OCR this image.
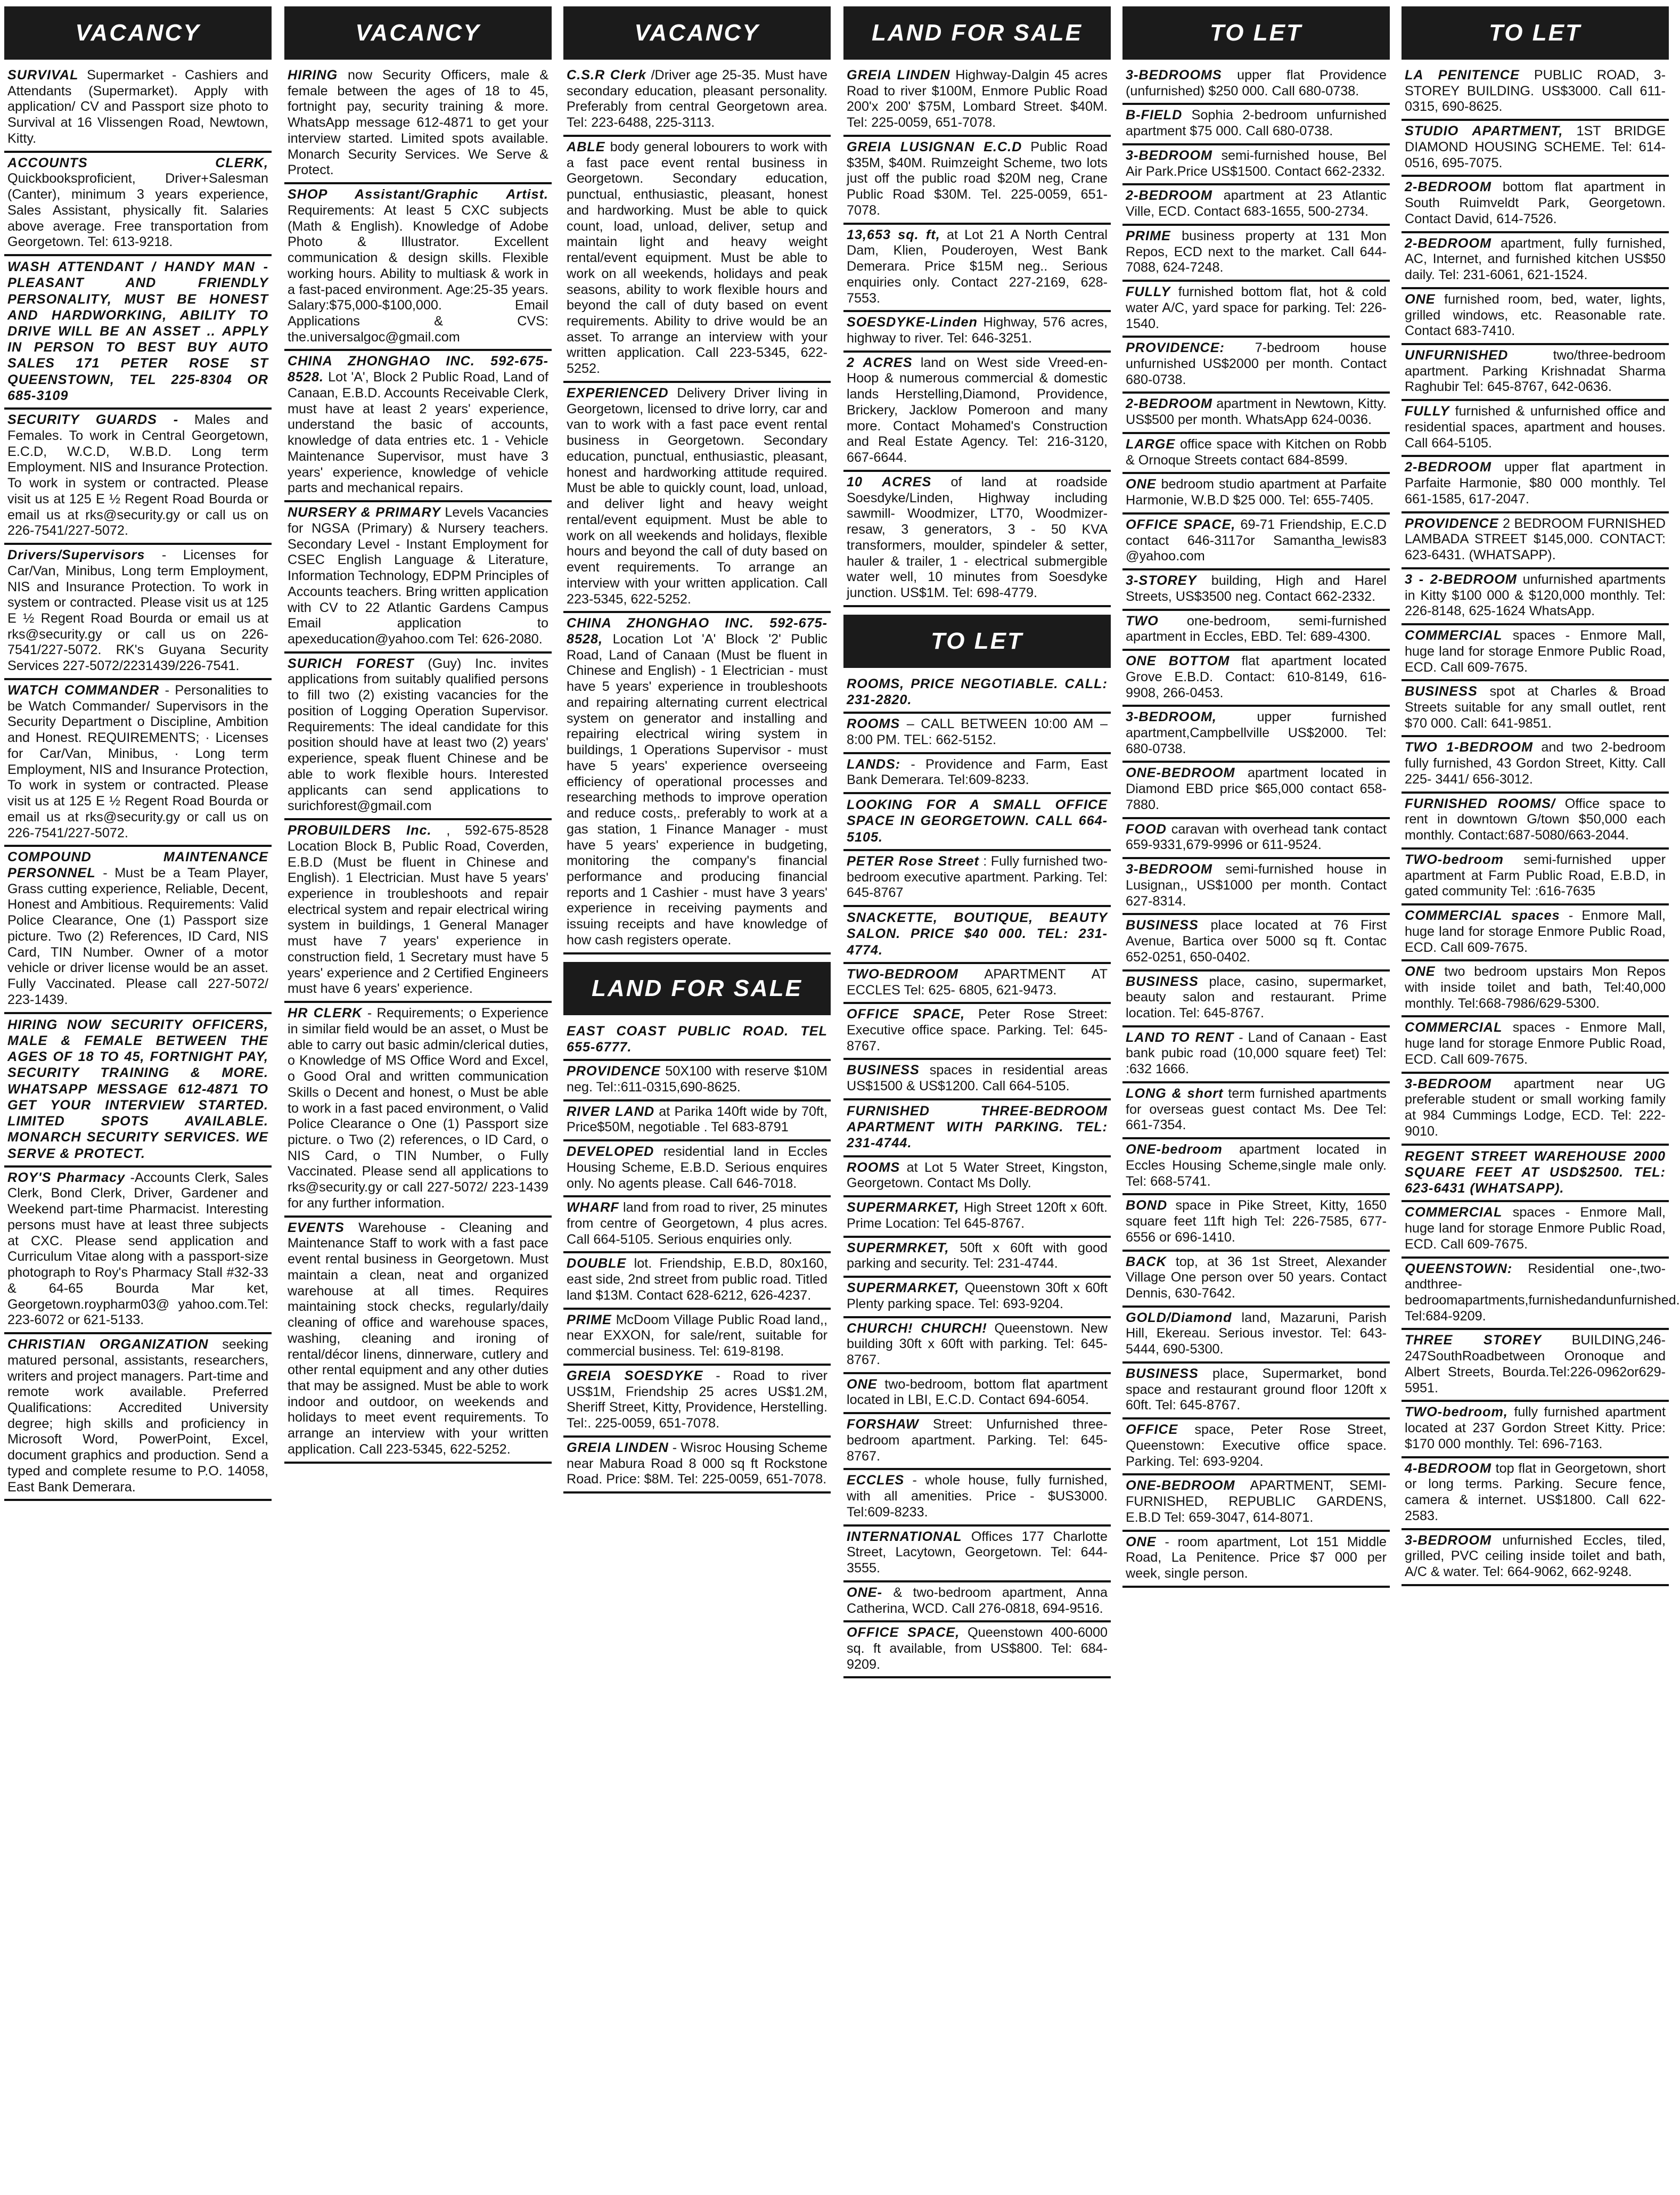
VACANCY
SURVIVAL Supermarket - Cashiers and Attendants (Supermarket). Apply with application/ CV and Passport size photo to Survival at 16 Vlissengen Road, Newtown, Kitty.
ACCOUNTS CLERK, Quickbooksproficient, Driver+Salesman (Canter), minimum 3 years experience, Sales Assistant, physically fit. Salaries above average. Free transportation from Georgetown. Tel: 613-9218.
WASH ATTENDANT / HANDY MAN - PLEASANT AND FRIENDLY PERSONALITY, MUST BE HONEST AND HARDWORKING, ABILITY TO DRIVE WILL BE AN ASSET .. APPLY IN PERSON TO BEST BUY AUTO SALES 171 PETER ROSE ST QUEENSTOWN, TEL 225-8304 OR 685-3109
SECURITY GUARDS - Males and Females. To work in Central Georgetown, E.C.D, W.C.D, W.B.D. Long term Employment. NIS and Insurance Protection. To work in system or contracted. Please visit us at 125 E ½ Regent Road Bourda or email us at rks@security.gy or call us on 226-7541/227-5072.
Drivers/Supervisors - Licenses for Car/Van, Minibus, Long term Employment, NIS and Insurance Protection. To work in system or contracted. Please visit us at 125 E ½ Regent Road Bourda or email us at rks@security.gy or call us on 226-7541/227-5072. RK's Guyana Security Services 227-5072/2231439/226-7541.
WATCH COMMANDER - Personalities to be Watch Commander/ Supervisors in the Security Department o Discipline, Ambition and Honest. REQUIREMENTS; · Licenses for Car/Van, Minibus, · Long term Employment, NIS and Insurance Protection, To work in system or contracted. Please visit us at 125 E ½ Regent Road Bourda or email us at rks@security.gy or call us on 226-7541/227-5072.
COMPOUND MAINTENANCE PERSONNEL - Must be a Team Player, Grass cutting experience, Reliable, Decent, Honest and Ambitious. Requirements: Valid Police Clearance, One (1) Passport size picture. Two (2) References, ID Card, NIS Card, TIN Number. Owner of a motor vehicle or driver license would be an asset. Fully Vaccinated. Please call 227-5072/ 223-1439.
HIRING NOW SECURITY OFFICERS, MALE & FEMALE BETWEEN THE AGES OF 18 TO 45, FORTNIGHT PAY, SECURITY TRAINING & MORE. WHATSAPP MESSAGE 612-4871 TO GET YOUR INTERVIEW STARTED. LIMITED SPOTS AVAILABLE. MONARCH SECURITY SERVICES. WE SERVE & PROTECT.
ROY'S Pharmacy -Accounts Clerk, Sales Clerk, Bond Clerk, Driver, Gardener and Weekend part-time Pharmacist. Interesting persons must have at least three subjects at CXC. Please send application and Curriculum Vitae along with a passport-size photograph to Roy's Pharmacy Stall #32-33 & 64-65 Bourda Mar ket, Georgetown.roypharm03@ yahoo.com.Tel: 223-6072 or 621-5133.
CHRISTIAN ORGANIZATION seeking matured personal, assistants, researchers, writers and project managers. Part-time and remote work available. Preferred Qualifications: Accredited University degree; high skills and proficiency in Microsoft Word, PowerPoint, Excel, document graphics and production. Send a typed and complete resume to P.O. 14058, East Bank Demerara.
VACANCY
HIRING now Security Officers, male & female between the ages of 18 to 45, fortnight pay, security training & more. WhatsApp message 612-4871 to get your interview started. Limited spots available. Monarch Security Services. We Serve & Protect.
SHOP Assistant/Graphic Artist. Requirements: At least 5 CXC subjects (Math & English). Knowledge of Adobe Photo & Illustrator. Excellent communication & design skills. Flexible working hours. Ability to multiask & work in a fast-paced environment. Age:25-35 years. Salary:$75,000-$100,000. Email Applications & CVS: the.universalgoc@gmail.com
CHINA ZHONGHAO INC. 592-675-8528. Lot 'A', Block 2 Public Road, Land of Canaan, E.B.D. Accounts Receivable Clerk, must have at least 2 years' experience, understand the basic of accounts, knowledge of data entries etc. 1 - Vehicle Maintenance Supervisor, must have 3 years' experience, knowledge of vehicle parts and mechanical repairs.
NURSERY & PRIMARY Levels Vacancies for NGSA (Primary) & Nursery teachers. Secondary Level - Instant Employment for CSEC English Language & Literature, Information Technology, EDPM Principles of Accounts teachers. Bring written application with CV to 22 Atlantic Gardens Campus Email application to apexeducation@yahoo.com Tel: 626-2080.
SURICH FOREST (Guy) Inc. invites applications from suitably qualified persons to fill two (2) existing vacancies for the position of Logging Operation Supervisor. Requirements: The ideal candidate for this position should have at least two (2) years' experience, speak fluent Chinese and be able to work flexible hours. Interested applicants can send applications to surichforest@gmail.com
PROBUILDERS Inc. , 592-675-8528 Location Block B, Public Road, Coverden, E.B.D (Must be fluent in Chinese and English). 1 Electrician. Must have 5 years' experience in troubleshoots and repair electrical system and repair electrical wiring system in buildings, 1 General Manager must have 7 years' experience in construction field, 1 Secretary must have 5 years' experience and 2 Certified Engineers must have 6 years' experience.
HR CLERK - Requirements; o Experience in similar field would be an asset, o Must be able to carry out basic admin/clerical duties, o Knowledge of MS Office Word and Excel, o Good Oral and written communication Skills o Decent and honest, o Must be able to work in a fast paced environment, o Valid Police Clearance o One (1) Passport size picture. o Two (2) references, o ID Card, o NIS Card, o TIN Number, o Fully Vaccinated. Please send all applications to rks@security.gy or call 227-5072/ 223-1439 for any further information.
EVENTS Warehouse - Cleaning and Maintenance Staff to work with a fast pace event rental business in Georgetown. Must maintain a clean, neat and organized warehouse at all times. Requires maintaining stock checks, regularly/daily cleaning of office and warehouse spaces, washing, cleaning and ironing of rental/décor linens, dinnerware, cutlery and other rental equipment and any other duties that may be assigned. Must be able to work indoor and outdoor, on weekends and holidays to meet event requirements. To arrange an interview with your written application. Call 223-5345, 622-5252.
VACANCY
C.S.R Clerk /Driver age 25-35. Must have secondary education, pleasant personality. Preferably from central Georgetown area. Tel: 223-6488, 225-3113.
ABLE body general lobourers to work with a fast pace event rental business in Georgetown. Secondary education, punctual, enthusiastic, pleasant, honest and hardworking. Must be able to quick count, load, unload, deliver, setup and maintain light and heavy weight rental/event equipment. Must be able to work on all weekends, holidays and peak seasons, ability to work flexible hours and beyond the call of duty based on event requirements. Ability to drive would be an asset. To arrange an interview with your written application. Call 223-5345, 622-5252.
EXPERIENCED Delivery Driver living in Georgetown, licensed to drive lorry, car and van to work with a fast pace event rental business in Georgetown. Secondary education, punctual, enthusiastic, pleasant, honest and hardworking attitude required. Must be able to quickly count, load, unload, and deliver light and heavy weight rental/event equipment. Must be able to work on all weekends and holidays, flexible hours and beyond the call of duty based on event requirements. To arrange an interview with your written application. Call 223-5345, 622-5252.
CHINA ZHONGHAO INC. 592-675-8528, Location Lot 'A' Block '2' Public Road, Land of Canaan (Must be fluent in Chinese and English) - 1 Electrician - must have 5 years' experience in troubleshoots and repairing alternating current electrical system on generator and installing and repairing electrical wiring system in buildings, 1 Operations Supervisor - must have 5 years' experience overseeing efficiency of operational processes and researching methods to improve operation and reduce costs,. preferably to work at a gas station, 1 Finance Manager - must have 5 years' experience in budgeting, monitoring the company's financial performance and producing financial reports and 1 Cashier - must have 3 years' experience in receiving payments and issuing receipts and have knowledge of how cash registers operate.
LAND FOR SALE
EAST COAST PUBLIC ROAD. TEL 655-6777.
PROVIDENCE 50X100 with reserve $10M neg. Tel::611-0315,690-8625.
RIVER LAND at Parika 140ft wide by 70ft, Price$50M, negotiable . Tel 683-8791
DEVELOPED residential land in Eccles Housing Scheme, E.B.D. Serious enquires only. No agents please. Call 646-7018.
WHARF land from road to river, 25 minutes from centre of Georgetown, 4 plus acres. Call 664-5105. Serious enquiries only.
DOUBLE lot. Friendship, E.B.D, 80x160, east side, 2nd street from public road. Titled land $13M. Contact 628-6212, 626-4237.
PRIME McDoom Village Public Road land,, near EXXON, for sale/rent, suitable for commercial business. Tel: 619-8198.
GREIA SOESDYKE - Road to river US$1M, Friendship 25 acres US$1.2M, Sheriff Street, Kitty, Providence, Herstelling. Tel:. 225-0059, 651-7078.
GREIA LINDEN - Wisroc Housing Scheme near Mabura Road 8 000 sq ft Rockstone Road. Price: $8M. Tel: 225-0059, 651-7078.
LAND FOR SALE
GREIA LINDEN Highway-Dalgin 45 acres Road to river $100M, Enmore Public Road 200'x 200' $75M, Lombard Street. $40M. Tel: 225-0059, 651-7078.
GREIA LUSIGNAN E.C.D Public Road $35M, $40M. Ruimzeight Scheme, two lots just off the public road $20M neg, Crane Public Road $30M. Tel. 225-0059, 651-7078.
13,653 sq. ft, at Lot 21 A North Central Dam, Klien, Pouderoyen, West Bank Demerara. Price $15M neg.. Serious enquiries only. Contact 227-2169, 628-7553.
SOESDYKE-Linden Highway, 576 acres, highway to river. Tel: 646-3251.
2 ACRES land on West side Vreed-en-Hoop & numerous commercial & domestic lands Herstelling,Diamond, Providence, Brickery, Jacklow Pomeroon and many more. Contact Mohamed's Construction and Real Estate Agency. Tel: 216-3120, 667-6644.
10 ACRES of land at roadside Soesdyke/Linden, Highway including sawmill- Woodmizer, LT70, Woodmizer-resaw, 3 generators, 3 - 50 KVA transformers, moulder, spindeler & setter, hauler & trailer, 1 - electrical submergible water well, 10 minutes from Soesdyke junction. US$1M. Tel: 698-4779.
TO LET
ROOMS, PRICE NEGOTIABLE. CALL: 231-2820.
ROOMS – CALL BETWEEN 10:00 AM – 8:00 PM. TEL: 662-5152.
LANDS: - Providence and Farm, East Bank Demerara. Tel:609-8233.
LOOKING FOR A SMALL OFFICE SPACE IN GEORGETOWN. CALL 664-5105.
PETER Rose Street : Fully furnished two-bedroom executive apartment. Parking. Tel: 645-8767
SNACKETTE, BOUTIQUE, BEAUTY SALON. PRICE $40 000. TEL: 231-4774.
TWO-BEDROOM APARTMENT AT ECCLES Tel: 625- 6805, 621-9473.
OFFICE SPACE, Peter Rose Street: Executive office space. Parking. Tel: 645-8767.
BUSINESS spaces in residential areas US$1500 & US$1200. Call 664-5105.
FURNISHED THREE-BEDROOM APARTMENT WITH PARKING. TEL: 231-4744.
ROOMS at Lot 5 Water Street, Kingston, Georgetown. Contact Ms Dolly.
SUPERMARKET, High Street 120ft x 60ft. Prime Location: Tel 645-8767.
SUPERMRKET, 50ft x 60ft with good parking and security. Tel: 231-4744.
SUPERMARKET, Queenstown 30ft x 60ft Plenty parking space. Tel: 693-9204.
CHURCH! CHURCH! Queenstown. New building 30ft x 60ft with parking. Tel: 645-8767.
ONE two-bedroom, bottom flat apartment located in LBI, E.C.D. Contact 694-6054.
FORSHAW Street: Unfurnished three-bedroom apartment. Parking. Tel: 645-8767.
ECCLES - whole house, fully furnished, with all amenities. Price - $US3000. Tel:609-8233.
INTERNATIONAL Offices 177 Charlotte Street, Lacytown, Georgetown. Tel: 644-3555.
ONE- & two-bedroom apartment, Anna Catherina, WCD. Call 276-0818, 694-9516.
OFFICE SPACE, Queenstown 400-6000 sq. ft available, from US$800. Tel: 684-9209.
TO LET
3-BEDROOMS upper flat Providence (unfurnished) $250 000. Call 680-0738.
B-FIELD Sophia 2-bedroom unfurnished apartment $75 000. Call 680-0738.
3-BEDROOM semi-furnished house, Bel Air Park.Price US$1500. Contact 662-2332.
2-BEDROOM apartment at 23 Atlantic Ville, ECD. Contact 683-1655, 500-2734.
PRIME business property at 131 Mon Repos, ECD next to the market. Call 644-7088, 624-7248.
FULLY furnished bottom flat, hot & cold water A/C, yard space for parking. Tel: 226-1540.
PROVIDENCE: 7-bedroom house unfurnished US$2000 per month. Contact 680-0738.
2-BEDROOM apartment in Newtown, Kitty. US$500 per month. WhatsApp 624-0036.
LARGE office space with Kitchen on Robb & Ornoque Streets contact 684-8599.
ONE bedroom studio apartment at Parfaite Harmonie, W.B.D $25 000. Tel: 655-7405.
OFFICE SPACE, 69-71 Friendship, E.C.D contact 646-3117or Samantha_lewis83 @yahoo.com
3-STOREY building, High and Harel Streets, US$3500 neg. Contact 662-2332.
TWO one-bedroom, semi-furnished apartment in Eccles, EBD. Tel: 689-4300.
ONE BOTTOM flat apartment located Grove E.B.D. Contact: 610-8149, 616-9908, 266-0453.
3-BEDROOM,	upper furnished apartment,Campbellville US$2000. Tel: 680-0738.
ONE-BEDROOM apartment located in Diamond EBD price $65,000 contact 658-7880.
FOOD caravan with overhead tank contact 659-9331,679-9996 or 611-9524.
3-BEDROOM semi-furnished house in Lusignan,, US$1000 per month. Contact 627-8314.
BUSINESS place located at 76 First Avenue, Bartica over 5000 sq ft. Contac 652-0251, 650-0402.
BUSINESS place, casino, supermarket, beauty salon and restaurant. Prime location. Tel: 645-8767.
LAND TO RENT - Land of Canaan - East bank pubic road (10,000 square feet) Tel: :632 1666.
LONG & short term furnished apartments for overseas guest contact Ms. Dee Tel: 661-7354.
ONE-bedroom apartment located in Eccles Housing Scheme,single male only. Tel: 668-5741.
BOND space in Pike Street, Kitty, 1650 square feet 11ft high Tel: 226-7585, 677-6556 or 696-1410.
BACK top, at 36 1st Street, Alexander Village One person over 50 years. Contact Dennis, 630-7642.
GOLD/Diamond land, Mazaruni, Parish Hill, Ekereau. Serious investor. Tel: 643-5444, 690-5300.
BUSINESS place, Supermarket, bond space and restaurant ground floor 120ft x 60ft. Tel: 645-8767.
OFFICE space, Peter Rose Street, Queenstown: Executive office space. Parking. Tel: 693-9204.
ONE-BEDROOM APARTMENT, SEMI-FURNISHED, REPUBLIC GARDENS, E.B.D Tel: 659-3047, 614-8071.
ONE - room apartment, Lot 151 Middle Road, La Penitence. Price $7 000 per week, single person.
TO LET
LA PENITENCE PUBLIC ROAD, 3-STOREY BUILDING. US$3000. Call 611-0315, 690-8625.
STUDIO APARTMENT, 1ST BRIDGE DIAMOND HOUSING SCHEME. Tel: 614-0516, 695-7075.
2-BEDROOM bottom flat apartment in South Ruimveldt Park, Georgetown. Contact David, 614-7526.
2-BEDROOM apartment, fully furnished, AC, Internet, and furnished kitchen US$50 daily. Tel: 231-6061, 621-1524.
ONE furnished room, bed, water, lights, grilled windows, etc. Reasonable rate. Contact 683-7410.
UNFURNISHED	two/three-bedroom apartment. Parking Krishnadat Sharma Raghubir Tel: 645-8767, 642-0636.
FULLY furnished & unfurnished office and residential spaces, apartment and houses. Call 664-5105.
2-BEDROOM upper flat apartment in Parfaite Harmonie, $80 000 monthly. Tel 661-1585, 617-2047.
PROVIDENCE 2 BEDROOM FURNISHED LAMBADA STREET $145,000. CONTACT: 623-6431. (WHATSAPP).
3 - 2-BEDROOM unfurnished apartments in Kitty $100 000 & $120,000 monthly. Tel: 226-8148, 625-1624 WhatsApp.
COMMERCIAL spaces - Enmore Mall, huge land for storage Enmore Public Road, ECD. Call 609-7675.
BUSINESS spot at Charles & Broad Streets suitable for any small outlet, rent $70 000. Call: 641-9851.
TWO 1-BEDROOM and two 2-bedroom fully furnished, 43 Gordon Street, Kitty. Call 225- 3441/ 656-3012.
FURNISHED ROOMS/ Office space to rent in downtown G/town $50,000 each monthly. Contact:687-5080/663-2044.
TWO-bedroom semi-furnished upper apartment at Farm Public Road, E.B.D, in gated community Tel: :616-7635
COMMERCIAL spaces - Enmore Mall, huge land for storage Enmore Public Road, ECD. Call 609-7675.
ONE two bedroom upstairs Mon Repos with inside toilet and bath, Tel:40,000 monthly. Tel:668-7986/629-5300.
COMMERCIAL spaces - Enmore Mall, huge land for storage Enmore Public Road, ECD. Call 609-7675.
3-BEDROOM apartment near UG preferable student or small working family at 984 Cummings Lodge, ECD. Tel: 222-9010.
REGENT STREET WAREHOUSE 2000 SQUARE FEET AT USD$2500. TEL: 623-6431 (WHATSAPP).
COMMERCIAL spaces - Enmore Mall, huge land for storage Enmore Public Road, ECD. Call 609-7675.
QUEENSTOWN: Residential one-,two-andthree-bedroomapartments,furnishedandunfurnished. Tel:684-9209.
THREE STOREY BUILDING,246-247SouthRoadbetween Oronoque and Albert Streets, Bourda.Tel:226-0962or629-5951.
TWO-bedroom, fully furnished apartment located at 237 Gordon Street Kitty. Price: $170 000 monthly. Tel: 696-7163.
4-BEDROOM top flat in Georgetown, short or long terms. Parking. Secure fence, camera & internet. US$1800. Call 622-2583.
3-BEDROOM unfurnished Eccles, tiled, grilled, PVC ceiling inside toilet and bath, A/C & water. Tel: 664-9062, 662-9248.
